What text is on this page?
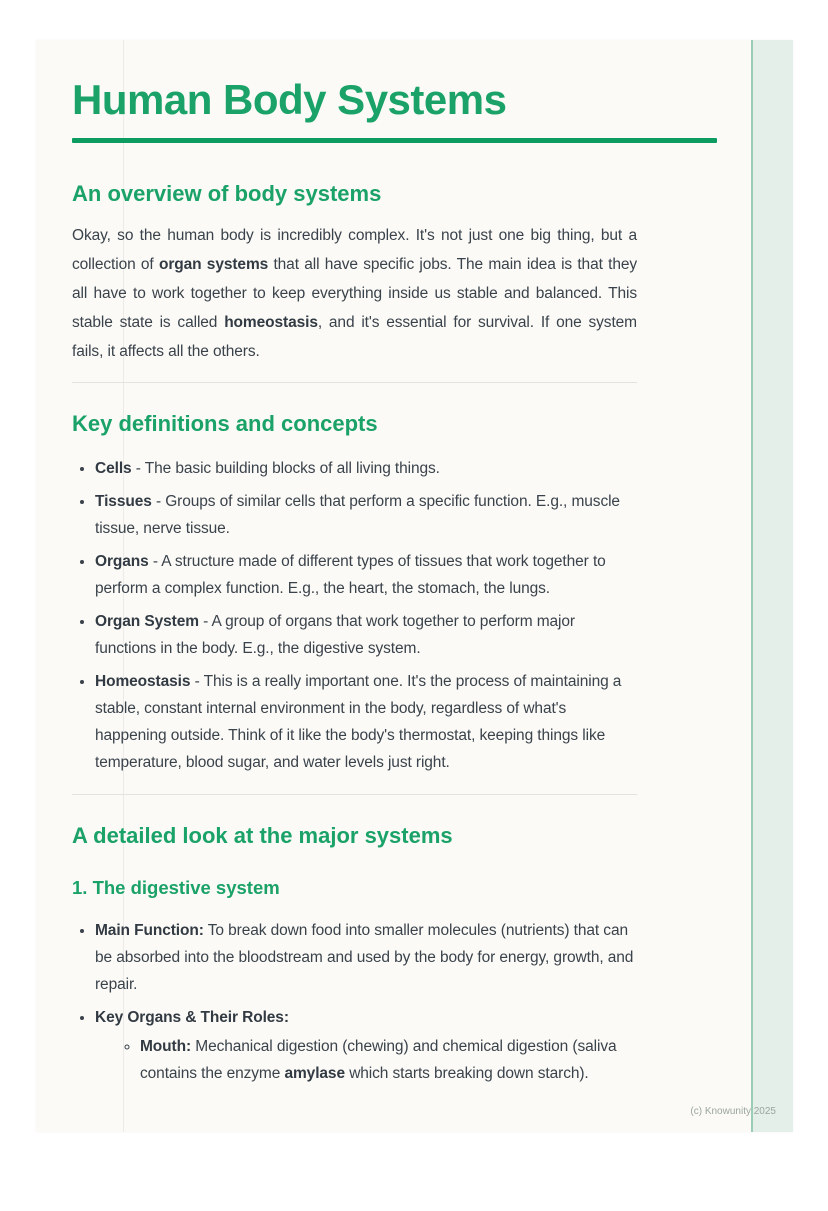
Human Body Systems
An overview of body systems

Okay, so the human body is incredibly complex. It's not just one big thing, but a collection of organ systems that all have specific jobs. The main idea is that they all have to work together to keep everything inside us stable and balanced. This stable state is called homeostasis, and it's essential for survival. If one system fails, it affects all the others.

Key definitions and concepts
• Cells - The basic building blocks of all living things.
• Tissues - Groups of similar cells that perform a specific function. E.g., muscle tissue, nerve tissue.
• Organs - A structure made of different types of tissues that work together to perform a complex function. E.g., the heart, the stomach, the lungs.
• Organ System - A group of organs that work together to perform major functions in the body. E.g., the digestive system.
• Homeostasis - This is a really important one. It's the process of maintaining a stable, constant internal environment in the body, regardless of what's happening outside. Think of it like the body's thermostat, keeping things like temperature, blood sugar, and water levels just right.
A detailed look at the major systems
1. The digestive system
• Main Function: To break down food into smaller molecules (nutrients) that can be absorbed into the bloodstream and used by the body for energy, growth, and repair.
• Key Organs & Their Roles:
◦ Mouth: Mechanical digestion (chewing) and chemical digestion (saliva contains the enzyme amylase which starts breaking down starch).
(c) Knowunity 2025
